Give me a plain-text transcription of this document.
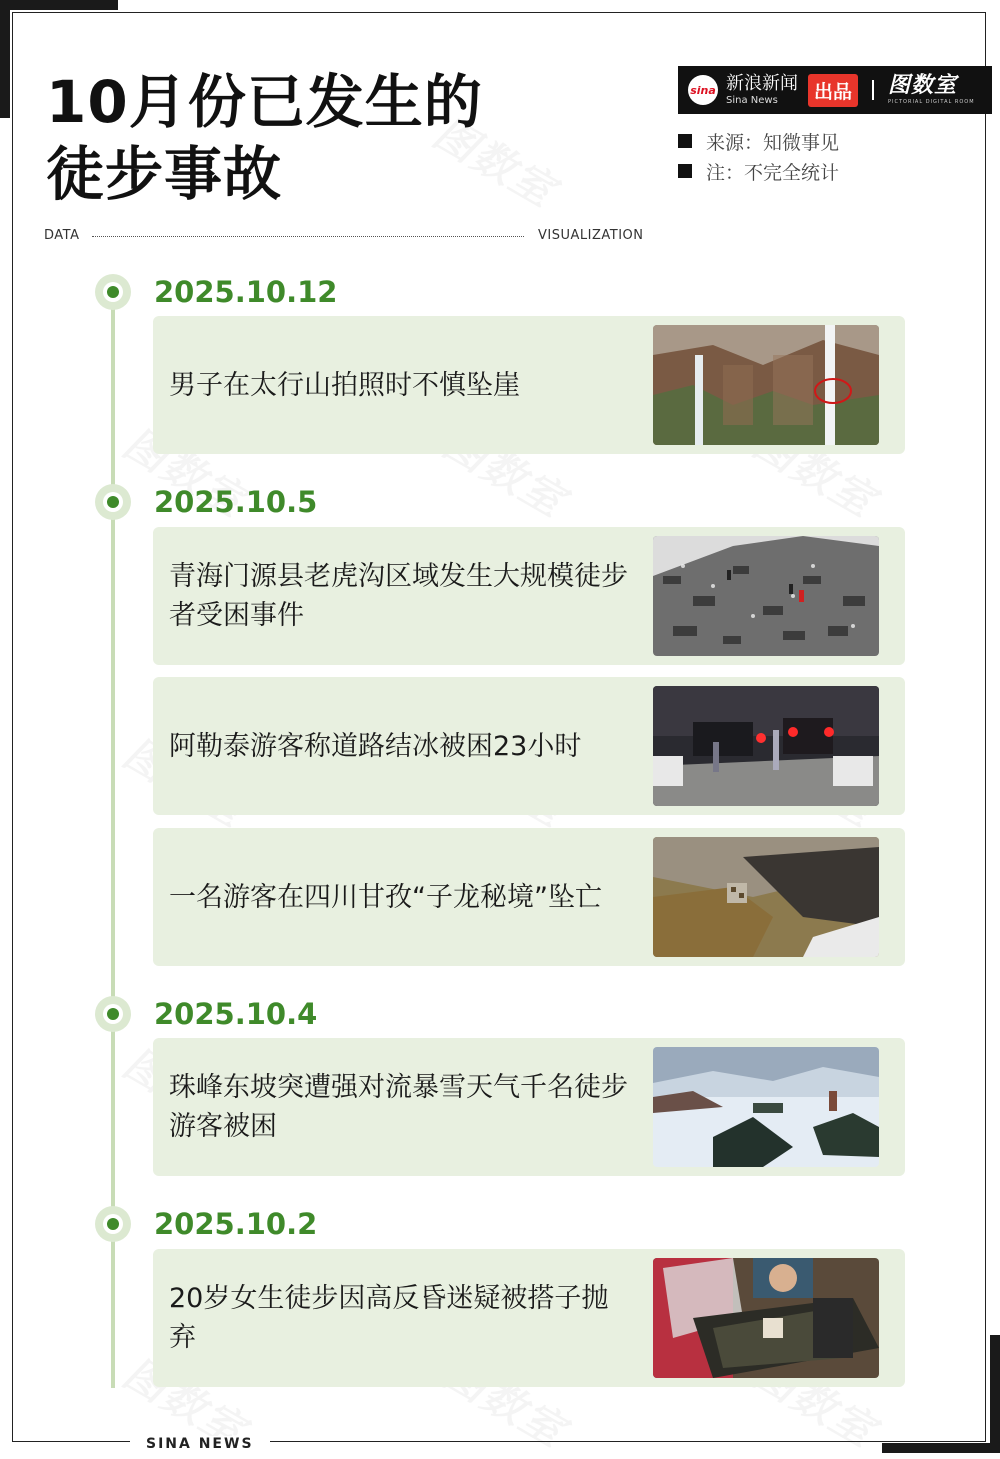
10月份已发生的
徒步事故
sina 新浪新闻
Sina News	出品 图数室
PICTORIAL DIGITAL ROOM
来源：知微事见
注：不完全统计
DATA	VISUALIZATION
2025.10.12
男子在太行山拍照时不慎坠崖
2025.10.5
青海门源县老虎沟区域发生大规模徒步者受困事件
阿勒泰游客称道路结冰被困23小时
一名游客在四川甘孜“子龙秘境”坠亡
2025.10.4
珠峰东坡突遭强对流暴雪天气千名徒步游客被困
2025.10.2
20岁女生徒步因高反昏迷疑被搭子抛弃
SINA NEWS
